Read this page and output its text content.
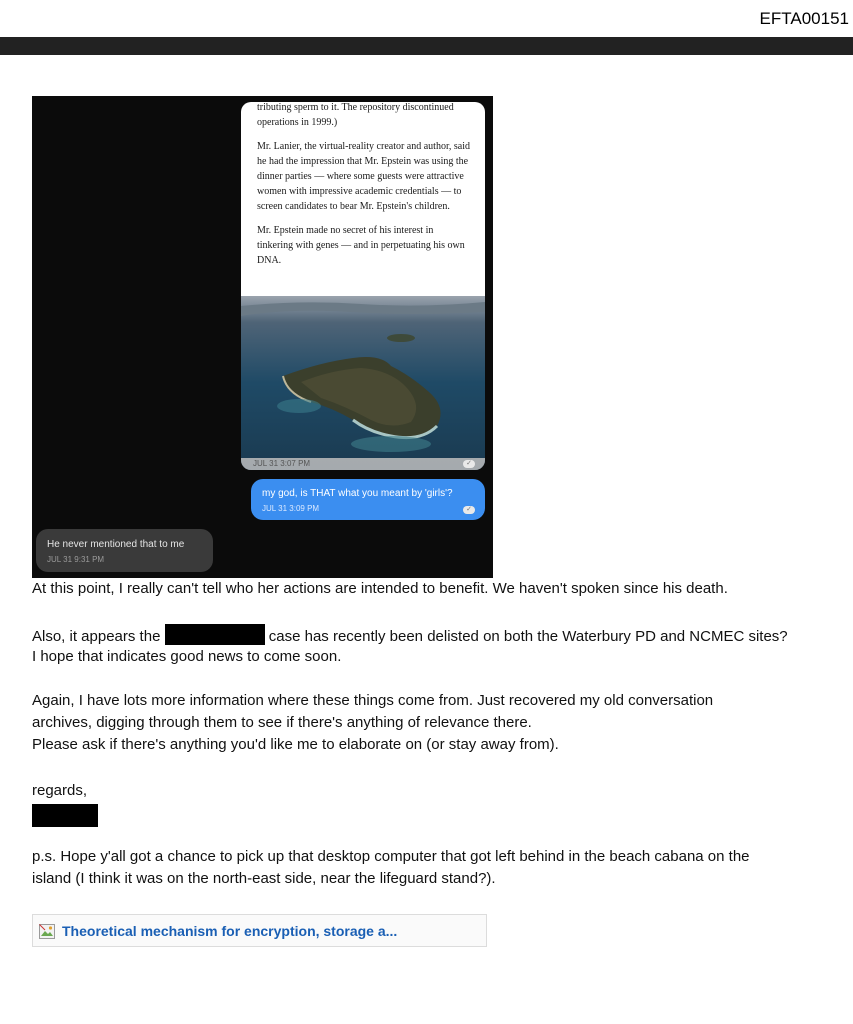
EFTA00151

tributing sperm to it. The repository discontinued operations in 1999.)

Mr. Lanier, the virtual-reality creator and author, said he had the impression that Mr. Epstein was using the dinner parties — where some guests were attractive women with impressive academic credentials — to screen candidates to bear Mr. Epstein's children.

Mr. Epstein made no secret of his interest in tinkering with genes — and in perpetuating his own DNA.

JUL 31 3:07 PM	✓
my god, is THAT what you meant by 'girls'?
JUL 31 3:09 PM	✓
He never mentioned that to me
JUL 31 9:31 PM
At this point, I really can't tell who her actions are intended to benefit. We haven't spoken since his death.
Also, it appears the	case has recently been delisted on both the Waterbury PD and NCMEC sites?
I hope that indicates good news to come soon.
Again, I have lots more information where these things come from. Just recovered my old conversation
archives, digging through them to see if there's anything of relevance there.
Please ask if there's anything you'd like me to elaborate on (or stay away from).
regards,
p.s. Hope y'all got a chance to pick up that desktop computer that got left behind in the beach cabana on the
island (I think it was on the north-east side, near the lifeguard stand?).
Theoretical mechanism for encryption, storage a...
